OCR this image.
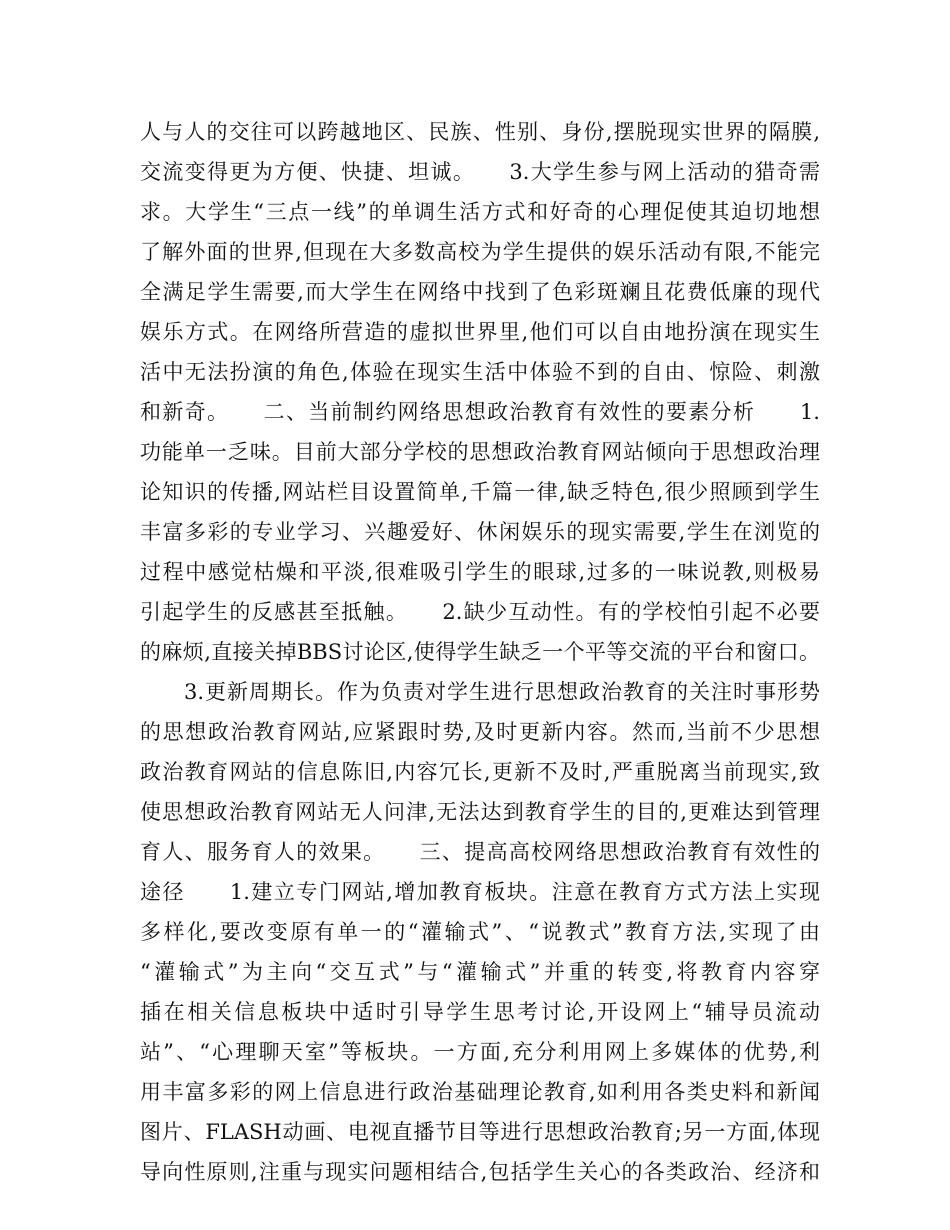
人与人的交往可以跨越地区、民族、性别、身份,摆脱现实世界的隔膜,
交流变得更为方便、快捷、坦诚。　　3.大学生参与网上活动的猎奇需
求。大学生“三点一线”的单调生活方式和好奇的心理促使其迫切地想
了解外面的世界,但现在大多数高校为学生提供的娱乐活动有限,不能完
全满足学生需要,而大学生在网络中找到了色彩斑斓且花费低廉的现代
娱乐方式。在网络所营造的虚拟世界里,他们可以自由地扮演在现实生
活中无法扮演的角色,体验在现实生活中体验不到的自由、惊险、刺激
和新奇。　　二、当前制约网络思想政治教育有效性的要素分析　　1.
功能单一乏味。目前大部分学校的思想政治教育网站倾向于思想政治理
论知识的传播,网站栏目设置简单,千篇一律,缺乏特色,很少照顾到学生
丰富多彩的专业学习、兴趣爱好、休闲娱乐的现实需要,学生在浏览的
过程中感觉枯燥和平淡,很难吸引学生的眼球,过多的一味说教,则极易
引起学生的反感甚至抵触。　　2.缺少互动性。有的学校怕引起不必要
的麻烦,直接关掉BBS讨论区,使得学生缺乏一个平等交流的平台和窗口。
　　3.更新周期长。作为负责对学生进行思想政治教育的关注时事形势
的思想政治教育网站,应紧跟时势,及时更新内容。然而,当前不少思想
政治教育网站的信息陈旧,内容冗长,更新不及时,严重脱离当前现实,致
使思想政治教育网站无人问津,无法达到教育学生的目的,更难达到管理
育人、服务育人的效果。　　三、提高高校网络思想政治教育有效性的
途径　　1.建立专门网站,增加教育板块。注意在教育方式方法上实现
多样化,要改变原有单一的“灌输式”、“说教式”教育方法,实现了由
“灌输式”为主向“交互式”与“灌输式”并重的转变,将教育内容穿
插在相关信息板块中适时引导学生思考讨论,开设网上“辅导员流动
站”、“心理聊天室”等板块。一方面,充分利用网上多媒体的优势,利
用丰富多彩的网上信息进行政治基础理论教育,如利用各类史料和新闻
图片、FLASH动画、电视直播节目等进行思想政治教育;另一方面,体现
导向性原则,注重与现实问题相结合,包括学生关心的各类政治、经济和
